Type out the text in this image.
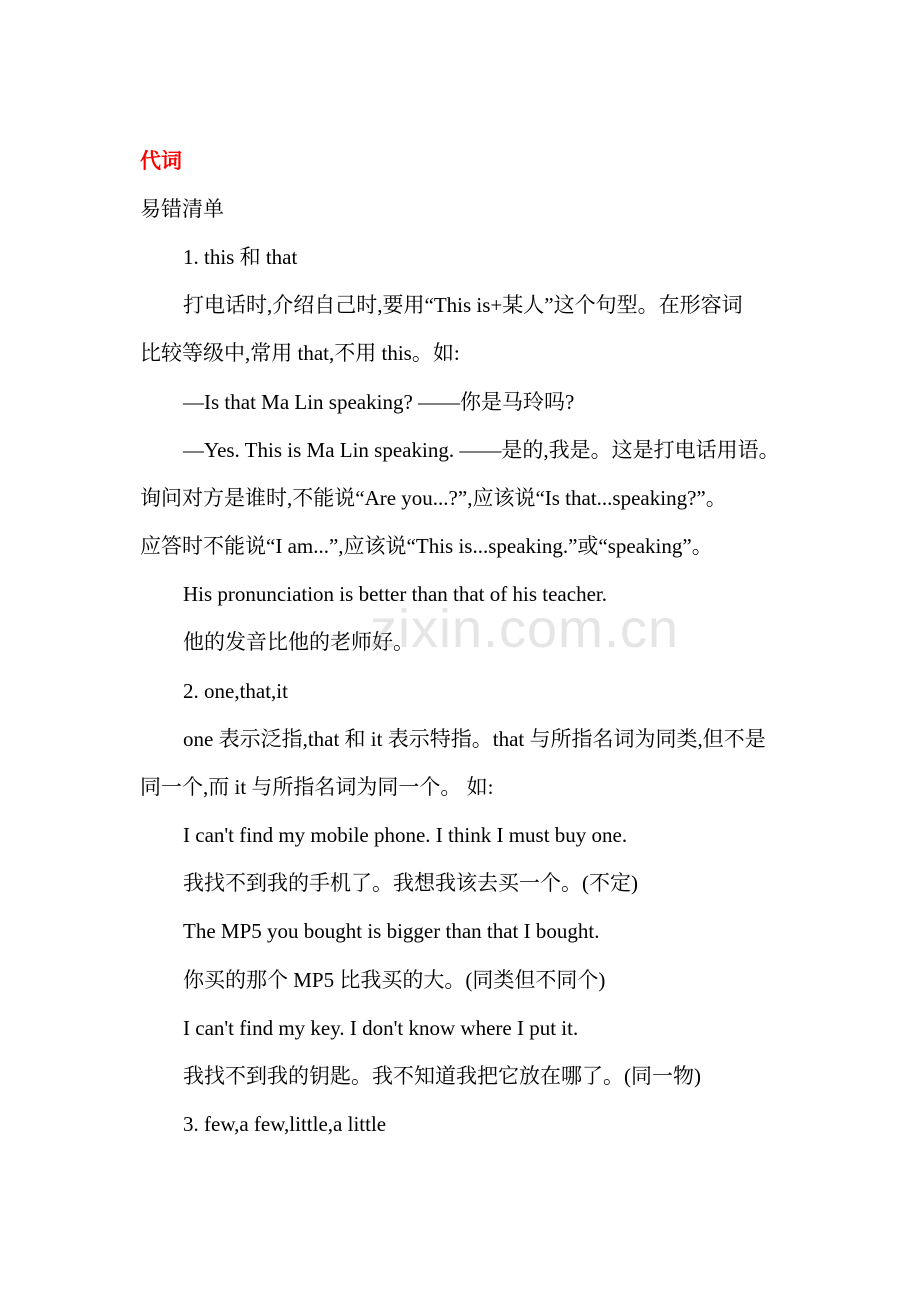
代词
易错清单
1. this 和 that
打电话时,介绍自己时,要用“This is+某人”这个句型。在形容词
比较等级中,常用 that,不用 this。如:
—Is that Ma Lin speaking? ——你是马玲吗?
—Yes. This is Ma Lin speaking. ——是的,我是。这是打电话用语。
询问对方是谁时,不能说“Are you...?”,应该说“Is that...speaking?”。
应答时不能说“I am...”,应该说“This is...speaking.”或“speaking”。
His pronunciation is better than that of his teacher.
他的发音比他的老师好。
2. one,that,it
one 表示泛指,that 和 it 表示特指。that 与所指名词为同类,但不是
同一个,而 it 与所指名词为同一个。 如:
I can't find my mobile phone. I think I must buy one.
我找不到我的手机了。我想我该去买一个。(不定)
The MP5 you bought is bigger than that I bought.
你买的那个 MP5 比我买的大。(同类但不同个)
I can't find my key. I don't know where I put it.
我找不到我的钥匙。我不知道我把它放在哪了。(同一物)
3. few,a few,little,a little
zixin.com.cn
